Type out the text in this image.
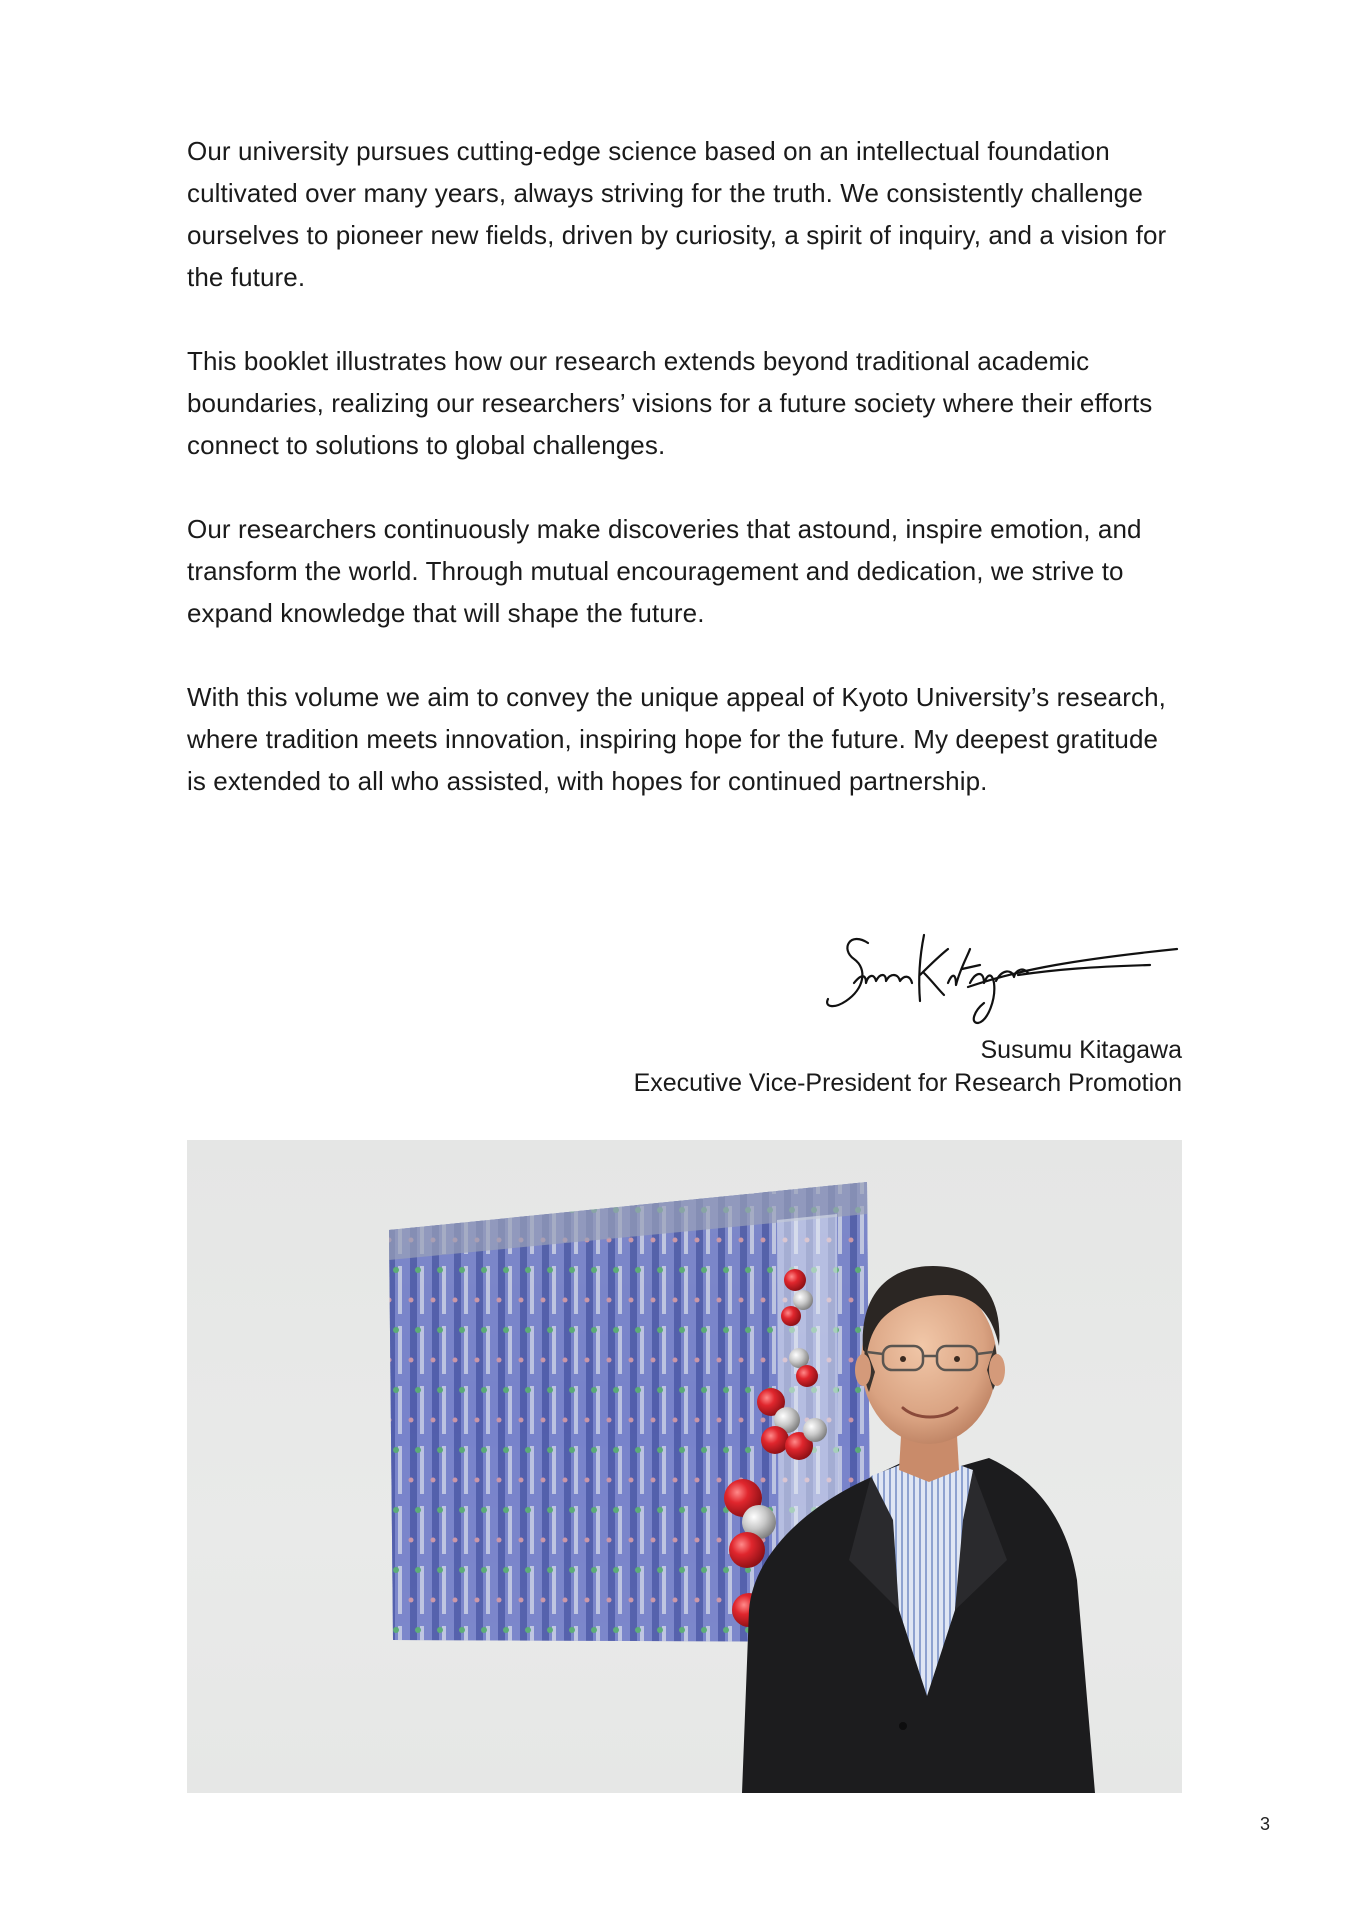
Our university pursues cutting-edge science based on an intellectual foundation cultivated over many years, always striving for the truth. We consistently challenge ourselves to pioneer new fields, driven by curiosity, a spirit of inquiry, and a vision for the future.

This booklet illustrates how our research extends beyond traditional academic boundaries, realizing our researchers’ visions for a future society where their efforts connect to solutions to global challenges.

Our researchers continuously make discoveries that astound, inspire emotion, and transform the world. Through mutual encouragement and dedication, we strive to expand knowledge that will shape the future.

With this volume we aim to convey the unique appeal of Kyoto University’s research, where tradition meets innovation, inspiring hope for the future. My deepest gratitude is extended to all who assisted, with hopes for continued partnership.

Susumu Kitagawa
Executive Vice-President for Research Promotion
3
